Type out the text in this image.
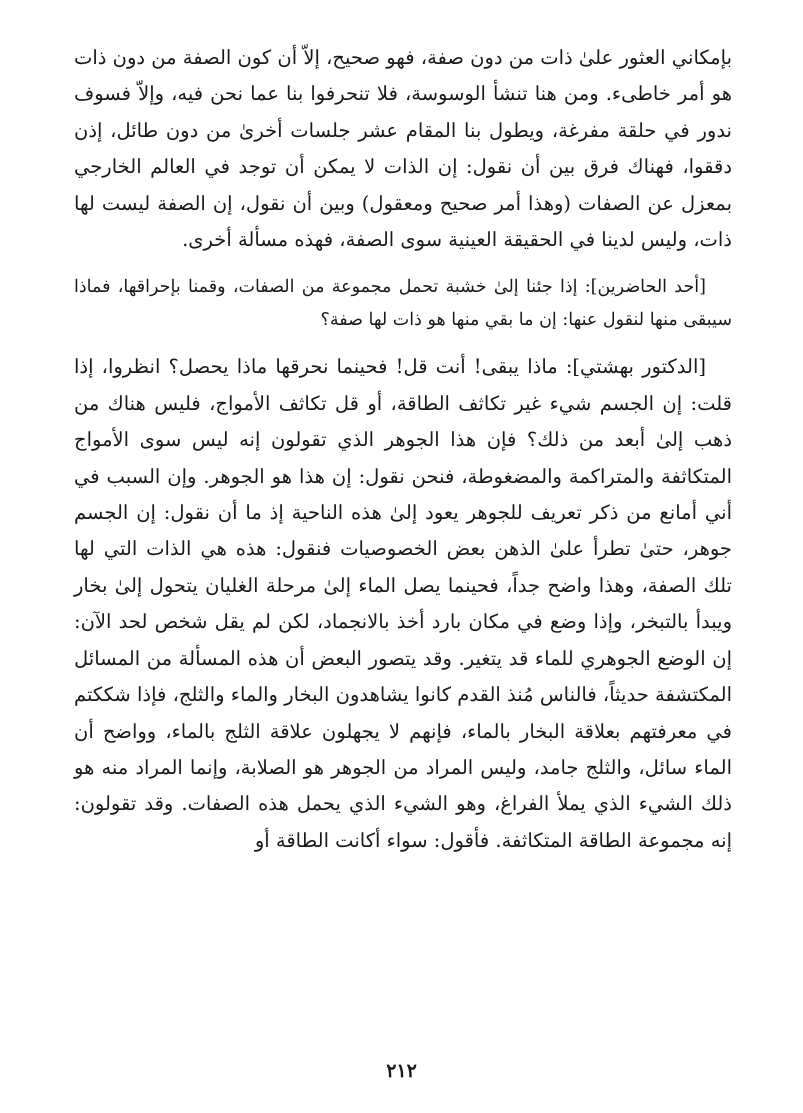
بإمكاني العثور علىٰ ذات من دون صفة، فهو صحيح، إلاّ أن كون الصفة من دون ذات هو أمر خاطىء. ومن هنا تنشأ الوسوسة، فلا تنحرفوا بنا عما نحن فيه، وإلاّ فسوف ندور في حلقة مفرغة، ويطول بنا المقام عشر جلسات أخرىٰ من دون طائل، إذن دققوا، فهناك فرق بين أن نقول: إن الذات لا يمكن أن توجد في العالم الخارجي بمعزل عن الصفات (وهذا أمر صحيح ومعقول) وبين أن نقول، إن الصفة ليست لها ذات، وليس لدينا في الحقيقة العينية سوى الصفة، فهذه مسألة أخرى.

[أحد الحاضرين]: إذا جئنا إلىٰ خشبة تحمل مجموعة من الصفات، وقمنا بإحراقها، فماذا سيبقى منها لنقول عنها: إن ما بقي منها هو ذات لها صفة؟

[الدكتور بهشتي]: ماذا يبقى! أنت قل! فحينما نحرقها ماذا يحصل؟ انظروا، إذا قلت: إن الجسم شيء غير تكاثف الطاقة، أو قل تكاثف الأمواج، فليس هناك من ذهب إلىٰ أبعد من ذلك؟ فإن هذا الجوهر الذي تقولون إنه ليس سوى الأمواج المتكاثفة والمتراكمة والمضغوطة، فنحن نقول: إن هذا هو الجوهر. وإن السبب في أني أمانع من ذكر تعريف للجوهر يعود إلىٰ هذه الناحية إذ ما أن نقول: إن الجسم جوهر، حتىٰ تطرأ علىٰ الذهن بعض الخصوصيات فنقول: هذه هي الذات التي لها تلك الصفة، وهذا واضح جداً، فحينما يصل الماء إلىٰ مرحلة الغليان يتحول إلىٰ بخار ويبدأ بالتبخر، وإذا وضع في مكان بارد أخذ بالانجماد، لكن لم يقل شخص لحد الآن: إن الوضع الجوهري للماء قد يتغير. وقد يتصور البعض أن هذه المسألة من المسائل المكتشفة حديثاً، فالناس مُنذ القدم كانوا يشاهدون البخار والماء والثلج، فإذا شككتم في معرفتهم بعلاقة البخار بالماء، فإنهم لا يجهلون علاقة الثلج بالماء، وواضح أن الماء سائل، والثلج جامد، وليس المراد من الجوهر هو الصلابة، وإنما المراد منه هو ذلك الشيء الذي يملأ الفراغ، وهو الشيء الذي يحمل هذه الصفات. وقد تقولون: إنه مجموعة الطاقة المتكاثفة. فأقول: سواء أكانت الطاقة أو

٢١٢
